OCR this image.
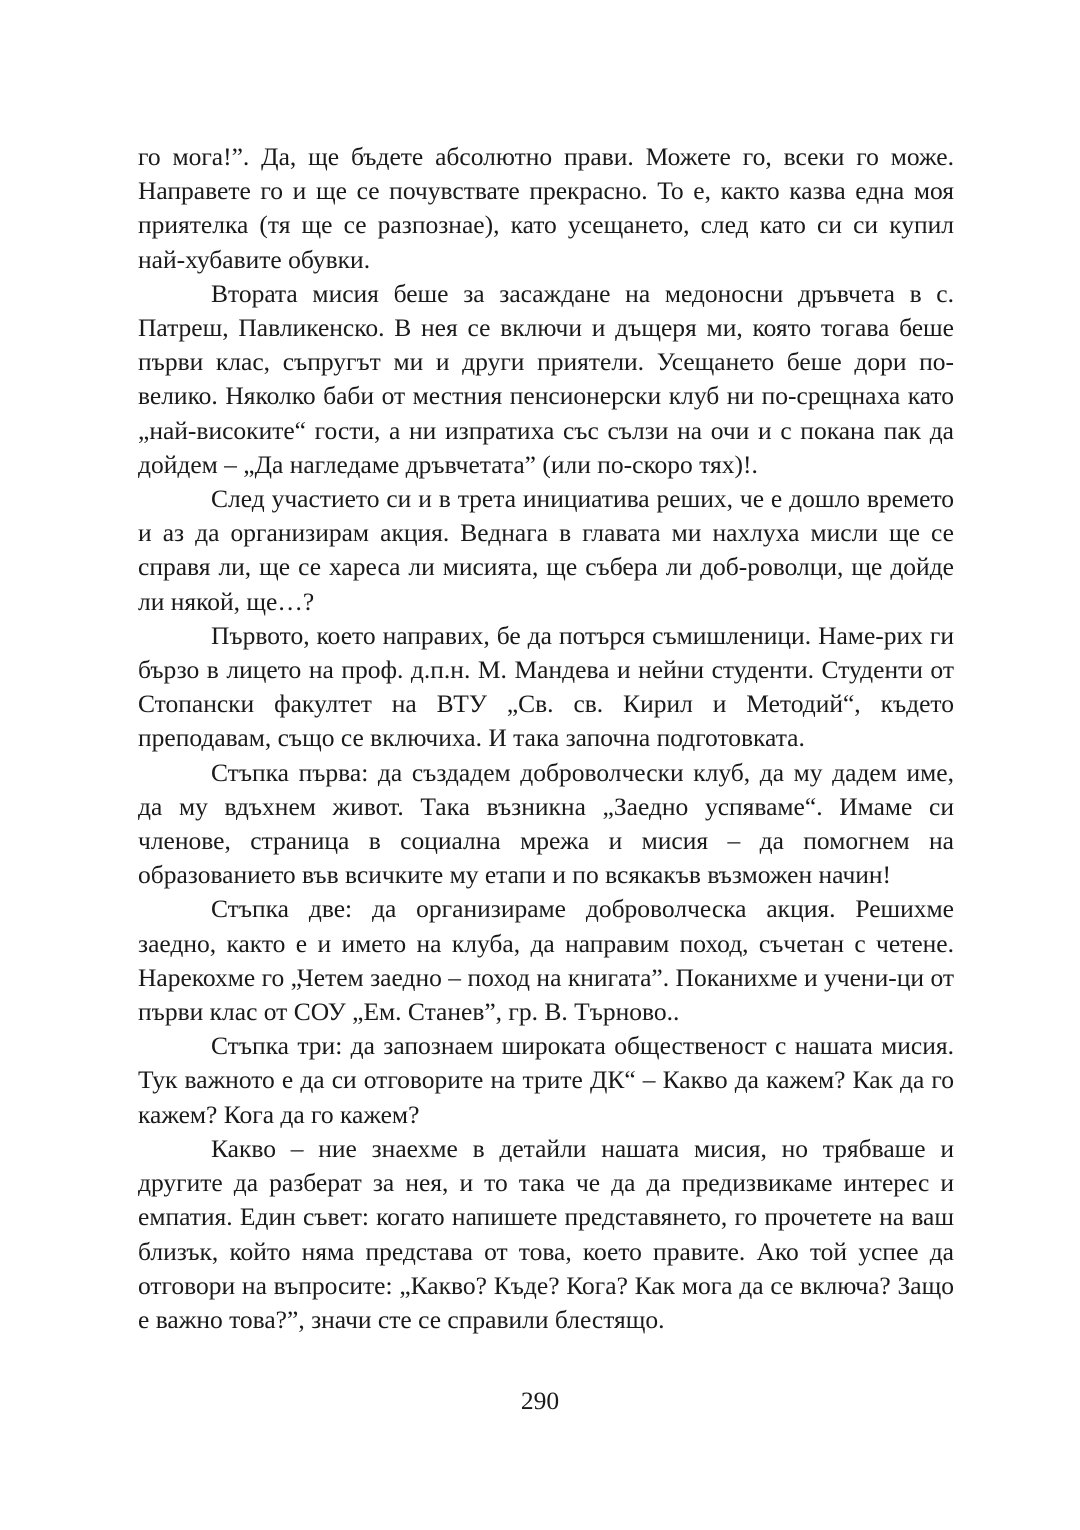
го мога!”. Да, ще бъдете абсолютно прави. Можете го, всеки го може. Направете го и ще се почувствате прекрасно. То е, както казва една моя приятелка (тя ще се разпознае), като усещането, след като си си купил най-хубавите обувки.

Втората мисия беше за засаждане на медоносни дръвчета в с. Патреш, Павликенско. В нея се включи и дъщеря ми, която тогава беше първи клас, съпругът ми и други приятели. Усещането беше дори по-велико. Няколко баби от местния пенсионерски клуб ни по-срещнаха като „най-високите“ гости, а ни изпратиха със сълзи на очи и с покана пак да дойдем – „Да нагледаме дръвчетата” (или по-скоро тях)!.

След участието си и в трета инициатива реших, че е дошло времето и аз да организирам акция. Веднага в главата ми нахлуха мисли ще се справя ли, ще се хареса ли мисията, ще събера ли доб-роволци, ще дойде ли някой, ще…?

Първото, което направих, бе да потърся съмишленици. Наме-рих ги бързо в лицето на проф. д.п.н. М. Мандева и нейни студенти. Студенти от Стопански факултет на ВТУ „Св. св. Кирил и Методий“, където преподавам, също се включиха. И така започна подготовката.

Стъпка първа: да създадем доброволчески клуб, да му дадем име, да му вдъхнем живот. Така възникна „Заедно успяваме“. Имаме си членове, страница в социална мрежа и мисия – да помогнем на образованието във всичките му етапи и по всякакъв възможен начин!

Стъпка две: да организираме доброволческа акция. Решихме заедно, както е и името на клуба, да направим поход, съчетан с четене. Нарекохме го „Четем заедно – поход на книгата”. Поканихме и учени-ци от първи клас от СОУ „Ем. Станев”, гр. В. Търново..

Стъпка три: да запознаем широката общественост с нашата мисия. Тук важното е да си отговорите на трите ДК“ – Какво да кажем? Как да го кажем? Кога да го кажем?

Какво – ние знаехме в детайли нашата мисия, но трябваше и другите да разберат за нея, и то така че да да предизвикаме интерес и емпатия. Един съвет: когато напишете представянето, го прочетете на ваш близък, който няма представа от това, което правите. Ако той успее да отговори на въпросите: „Какво? Къде? Кога? Как мога да се включа? Защо е важно това?”, значи сте се справили блестящо.

290
